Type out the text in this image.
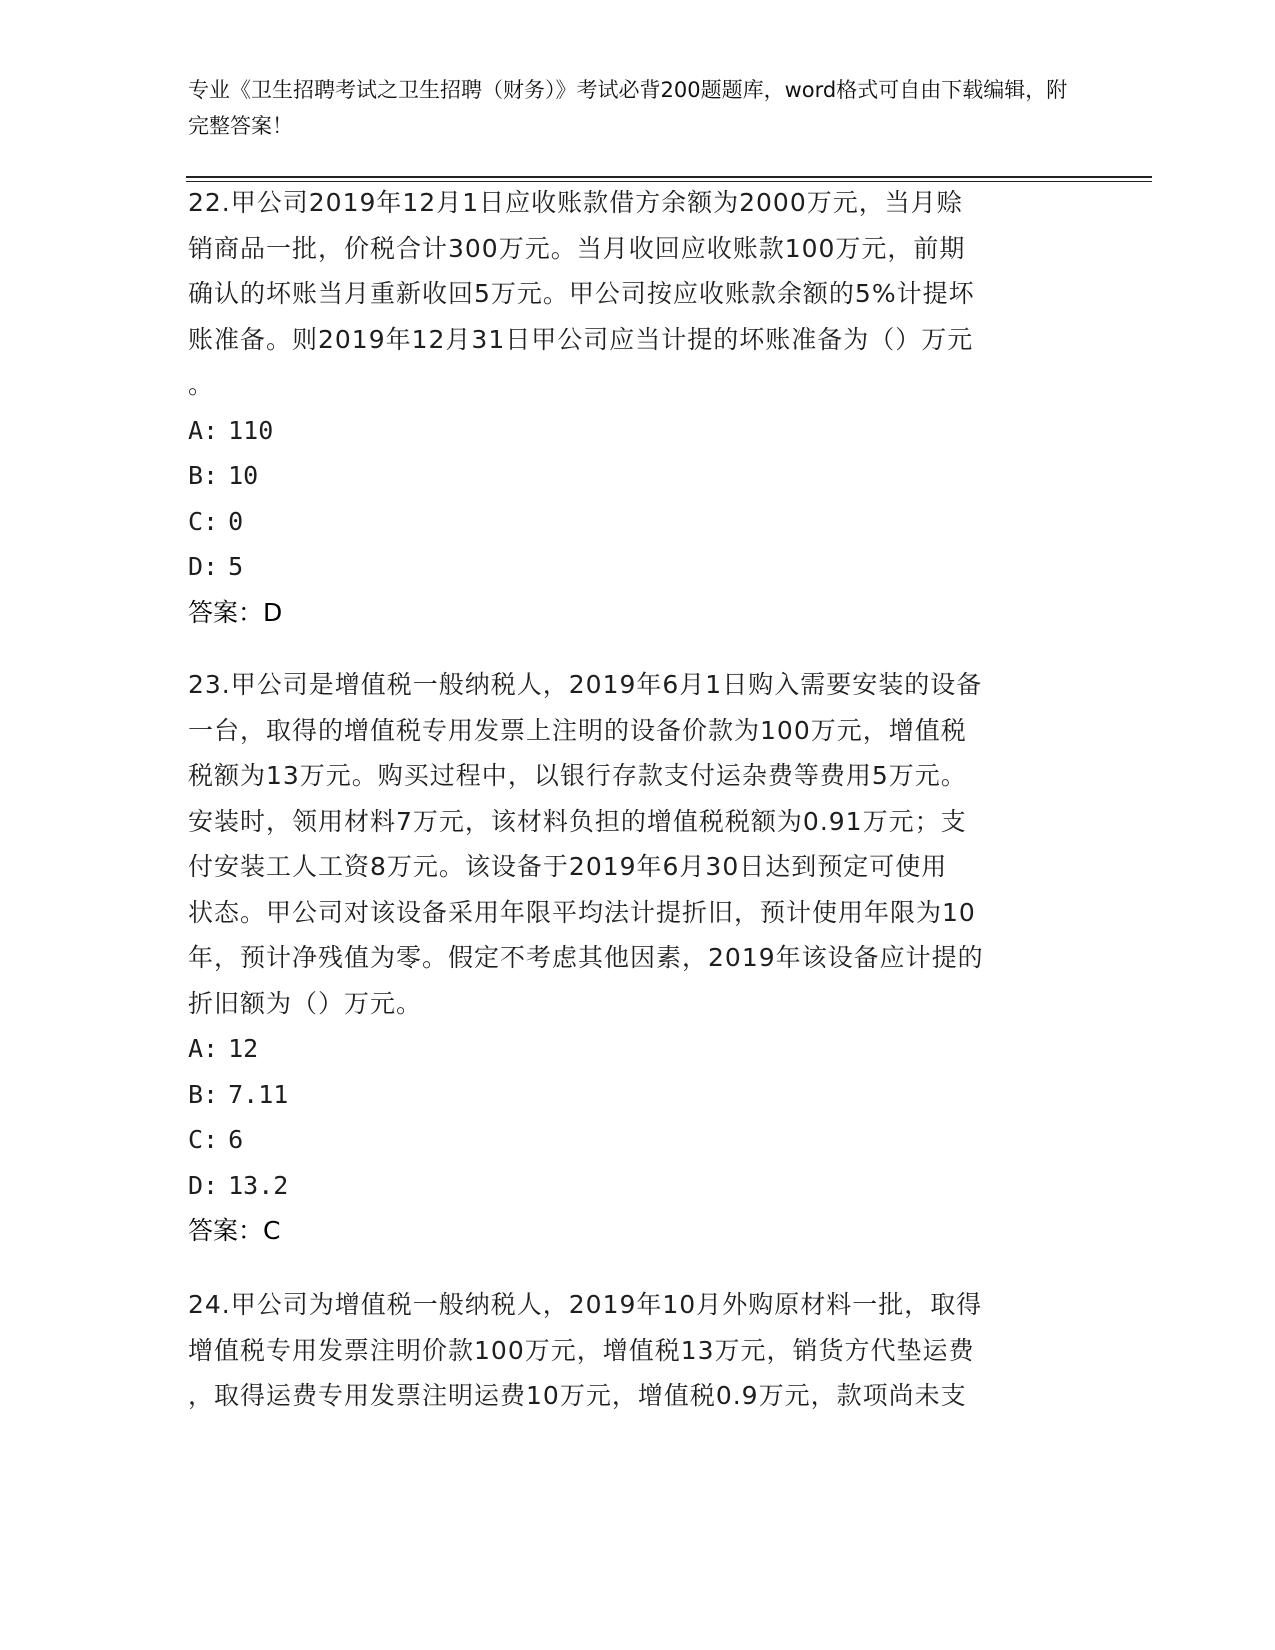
专业《卫生招聘考试之卫生招聘（财务）》考试必背200题题库，word格式可自由下载编辑，附完整答案！

22.甲公司2019年12月1日应收账款借方余额为2000万元，当月赊
销商品一批，价税合计300万元。当月收回应收账款100万元，前期
确认的坏账当月重新收回5万元。甲公司按应收账款余额的5%计提坏
账准备。则2019年12月31日甲公司应当计提的坏账准备为（）万元
。

A: 110

B: 10

C: 0

D: 5

答案：D

23.甲公司是增值税一般纳税人，2019年6月1日购入需要安装的设备
一台，取得的增值税专用发票上注明的设备价款为100万元，增值税
税额为13万元。购买过程中，以银行存款支付运杂费等费用5万元。
安装时，领用材料7万元，该材料负担的增值税税额为0.91万元；支
付安装工人工资8万元。该设备于2019年6月30日达到预定可使用
状态。甲公司对该设备采用年限平均法计提折旧，预计使用年限为10
年，预计净残值为零。假定不考虑其他因素，2019年该设备应计提的
折旧额为（）万元。

A: 12

B: 7.11

C: 6

D: 13.2

答案：C

24.甲公司为增值税一般纳税人，2019年10月外购原材料一批，取得
增值税专用发票注明价款100万元，增值税13万元，销货方代垫运费
，取得运费专用发票注明运费10万元，增值税0.9万元，款项尚未支
